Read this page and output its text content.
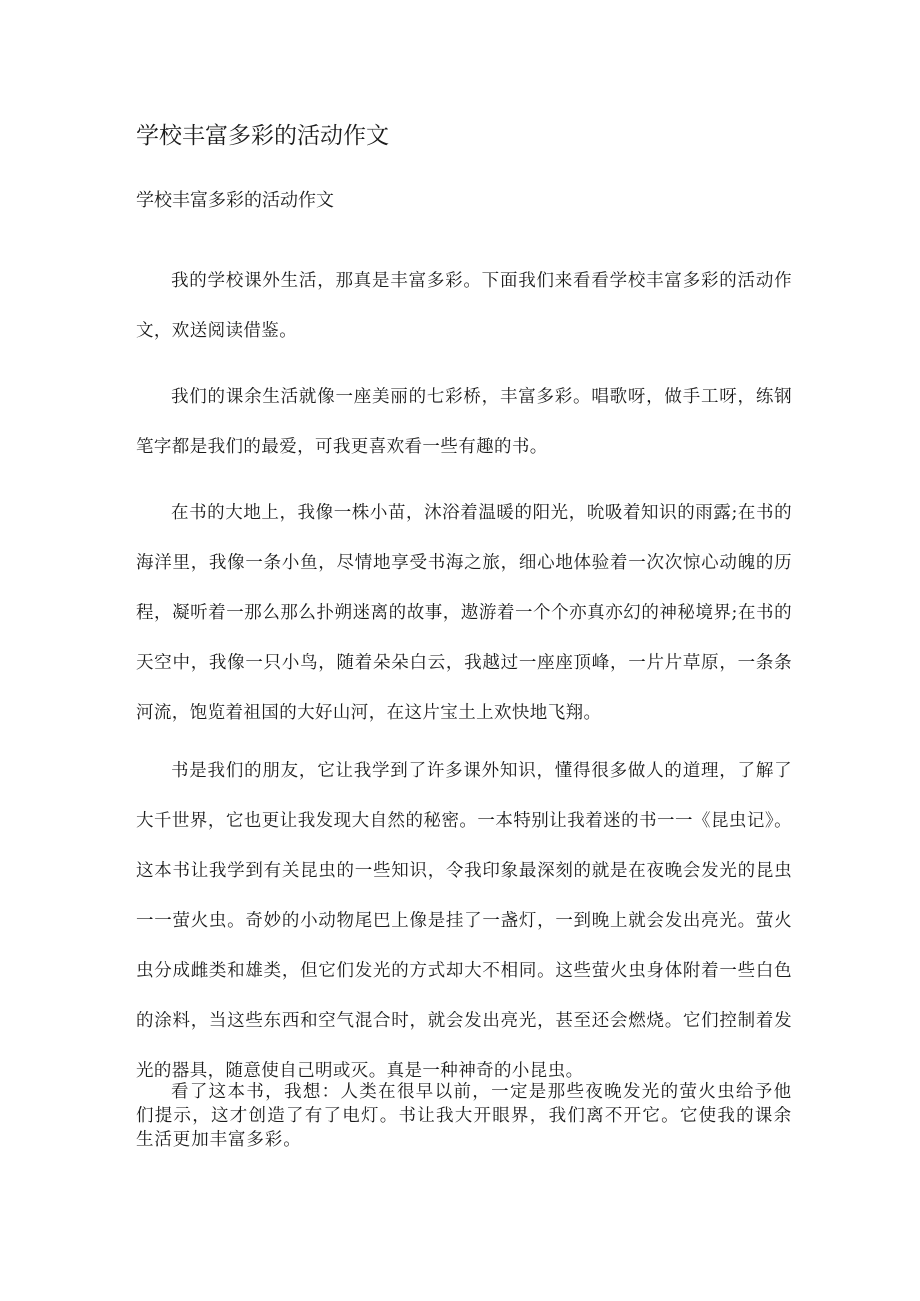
学校丰富多彩的活动作文

学校丰富多彩的活动作文

我的学校课外生活，那真是丰富多彩。下面我们来看看学校丰富多彩的活动作文，欢送阅读借鉴。

我们的课余生活就像一座美丽的七彩桥，丰富多彩。唱歌呀，做手工呀，练钢笔字都是我们的最爱，可我更喜欢看一些有趣的书。

在书的大地上，我像一株小苗，沐浴着温暖的阳光，吮吸着知识的雨露;在书的海洋里，我像一条小鱼，尽情地享受书海之旅，细心地体验着一次次惊心动魄的历程，凝听着一那么那么扑朔迷离的故事，遨游着一个个亦真亦幻的神秘境界;在书的天空中，我像一只小鸟，随着朵朵白云，我越过一座座顶峰，一片片草原，一条条河流，饱览着祖国的大好山河，在这片宝土上欢快地飞翔。

书是我们的朋友，它让我学到了许多课外知识，懂得很多做人的道理，了解了大千世界，它也更让我发现大自然的秘密。一本特别让我着迷的书一一《昆虫记》。这本书让我学到有关昆虫的一些知识，令我印象最深刻的就是在夜晚会发光的昆虫一一萤火虫。奇妙的小动物尾巴上像是挂了一盏灯，一到晚上就会发出亮光。萤火虫分成雌类和雄类，但它们发光的方式却大不相同。这些萤火虫身体附着一些白色的涂料，当这些东西和空气混合时，就会发出亮光，甚至还会燃烧。它们控制着发光的器具，随意使自己明或灭。真是一种神奇的小昆虫。

看了这本书，我想：人类在很早以前，一定是那些夜晚发光的萤火虫给予他们提示，这才创造了有了电灯。书让我大开眼界，我们离不开它。它使我的课余生活更加丰富多彩。
